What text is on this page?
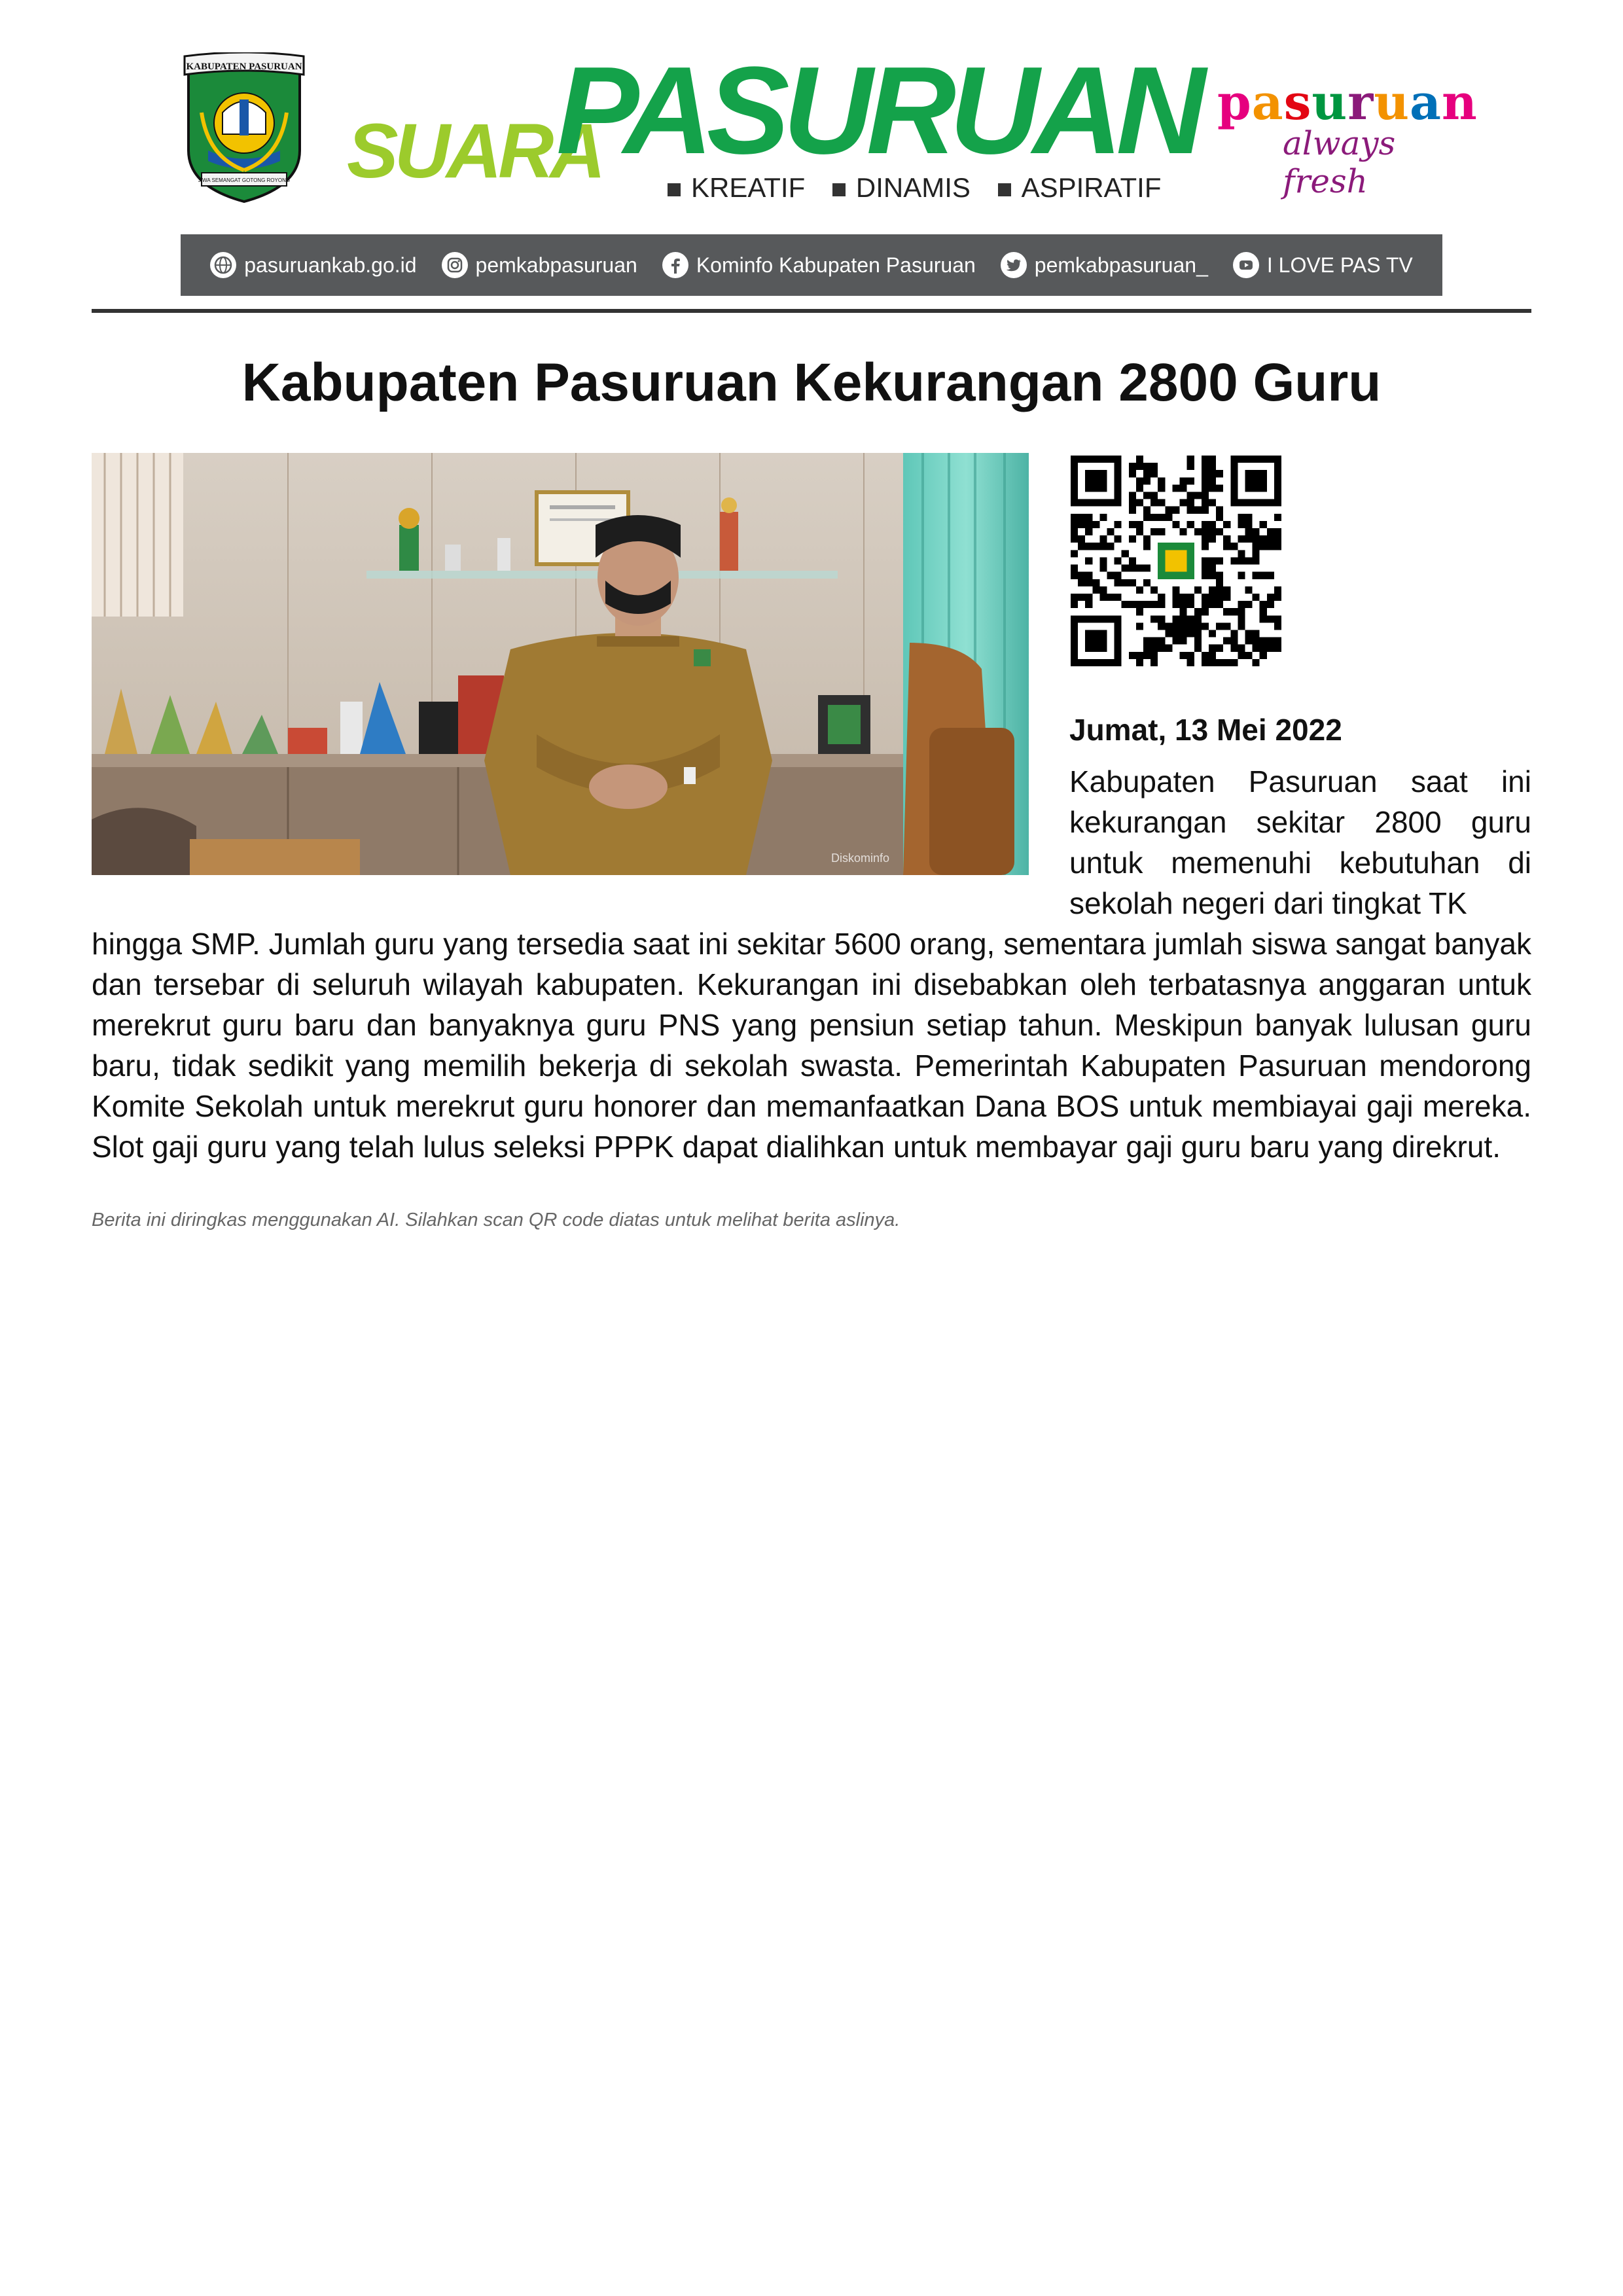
KABUPATEN PASURUAN
JIWA SEMANGAT GOTONG ROYONG SUARA
PASURUAN
KREATIF DINAMIS ASPIRATIF
pasuruan
always fresh
pasuruankab.go.id	pemkabpasuruan	Kominfo Kabupaten Pasuruan	pemkabpasuruan_	I LOVE PAS TV
Kabupaten Pasuruan Kekurangan 2800 Guru
Diskominfo
Jumat, 13 Mei 2022
Kabupaten Pasuruan saat ini kekurangan sekitar 2800 guru untuk memenuhi kebutuhan di sekolah negeri dari tingkat TK
hingga SMP. Jumlah guru yang tersedia saat ini sekitar 5600 orang, sementara jumlah siswa sangat banyak dan tersebar di seluruh wilayah kabupaten. Kekurangan ini disebabkan oleh terbatasnya anggaran untuk merekrut guru baru dan banyaknya guru PNS yang pensiun setiap tahun. Meskipun banyak lulusan guru baru, tidak sedikit yang memilih bekerja di sekolah swasta. Pemerintah Kabupaten Pasuruan mendorong Komite Sekolah untuk merekrut guru honorer dan memanfaatkan Dana BOS untuk membiayai gaji mereka. Slot gaji guru yang telah lulus seleksi PPPK dapat dialihkan untuk membayar gaji guru baru yang direkrut.
Berita ini diringkas menggunakan AI. Silahkan scan QR code diatas untuk melihat berita aslinya.
